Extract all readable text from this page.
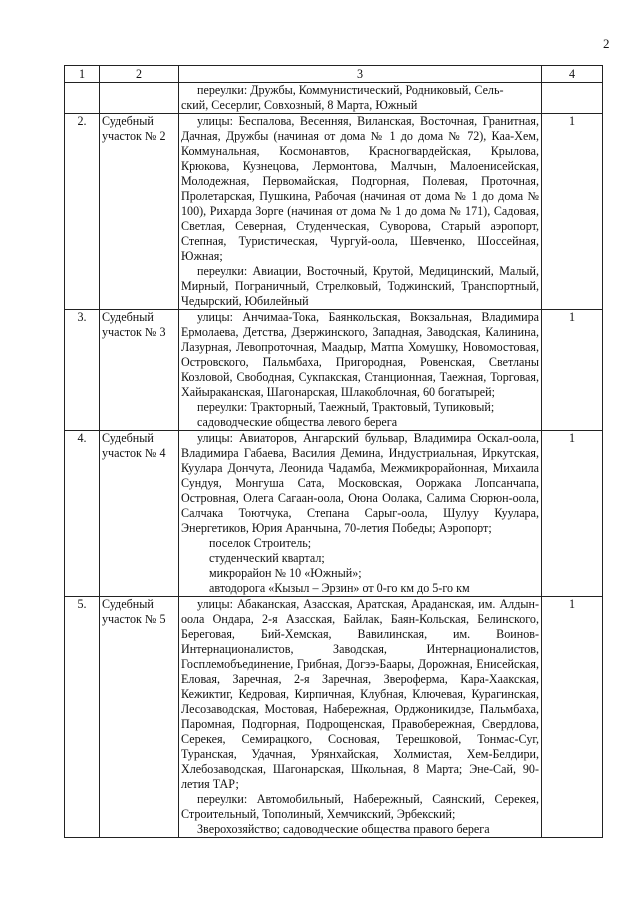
2
1	2	3	4

		переулки: Дружбы, Коммунистический, Родниковый, Сель-
ский, Сесерлиг, Совхозный, 8 Марта, Южный	

2.	Судебный участок № 2	улицы: Беспалова, Весенняя, Виланская, Восточная, Гранитная, Дачная, Дружбы (начиная от дома № 1 до дома № 72), Каа-Хем, Коммунальная, Космонавтов, Красногвардейская, Крылова, Крюкова, Кузнецова, Лермонтова, Малчын, Малоенисейская, Молодежная, Первомайская, Подгорная, Полевая, Проточная, Пролетарская, Пушкина, Рабочая (начиная от дома № 1 до дома № 100), Рихарда Зорге (начиная от дома № 1 до дома № 171), Садовая, Светлая, Северная, Студенческая, Суворова, Старый аэропорт, Степная, Туристическая, Чургуй-оола, Шевченко, Шоссейная, Южная;
переулки: Авиации, Восточный, Крутой, Медицинский, Малый, Мирный, Пограничный, Стрелковый, Тоджинский, Транспортный, Чедырский, Юбилейный	1
3.	Судебный участок № 3	улицы: Анчимаа-Тока, Баянкольская, Вокзальная, Владимира Ермолаева, Детства, Дзержинского, Западная, Заводская, Калинина, Лазурная, Левопроточная, Маадыр, Матпа Хомушку, Новомостовая, Островского, Пальмбаха, Пригородная, Ровенская, Светланы Козловой, Свободная, Сукпакская, Станционная, Таежная, Торговая, Хайыраканская, Шагонарская, Шлакоблочная, 60 богатырей;
переулки: Тракторный, Таежный, Трактовый, Тупиковый;
садоводческие общества левого берега	1
4.	Судебный участок № 4	улицы: Авиаторов, Ангарский бульвар, Владимира Оскал-оола, Владимира Габаева, Василия Демина, Индустриальная, Иркутская, Куулара Дончута, Леонида Чадамба, Межмикрорайонная, Михаила Сундуя, Монгуша Сата, Московская, Ооржака Лопсанчапа, Островная, Олега Сагаан-оола, Оюна Оолака, Салима Сюрюн-оола, Салчака Тоютчука, Степана Сарыг-оола, Шулуу Куулара, Энергетиков, Юрия Аранчына, 70-летия Победы; Аэропорт;
поселок Строитель;
студенческий квартал;
микрорайон № 10 «Южный»;
автодорога «Кызыл – Эрзин» от 0-го км до 5-го км	1
5.	Судебный участок № 5	улицы: Абаканская, Азасская, Аратская, Араданская, им. Алдын-оола Ондара, 2-я Азасская, Байлак, Баян-Кольская, Белинского, Береговая, Бий-Хемская, Вавилинская, им. Воинов-Интернационалистов, Заводская, Интернационалистов, Госплемобъединение, Грибная, Догээ-Баары, Дорожная, Енисейская, Еловая, Заречная, 2-я Заречная, Звероферма, Кара-Хаакская, Кежиктиг, Кедровая, Кирпичная, Клубная, Ключевая, Курагинская, Лесозаводская, Мостовая, Набережная, Орджоникидзе, Пальмбаха, Паромная, Подгорная, Подрощенская, Правобережная, Свердлова, Серекея, Семирацкого, Сосновая, Терешковой, Тонмас-Суг, Туранская, Удачная, Урянхайская, Холмистая, Хем-Белдири, Хлебозаводская, Шагонарская, Школьная, 8 Марта; Эне-Сай, 90-летия ТАР;
переулки: Автомобильный, Набережный, Саянский, Серекея, Строительный, Тополиный, Хемчикский, Эрбекский;
Зверохозяйство; садоводческие общества правого берега	1
